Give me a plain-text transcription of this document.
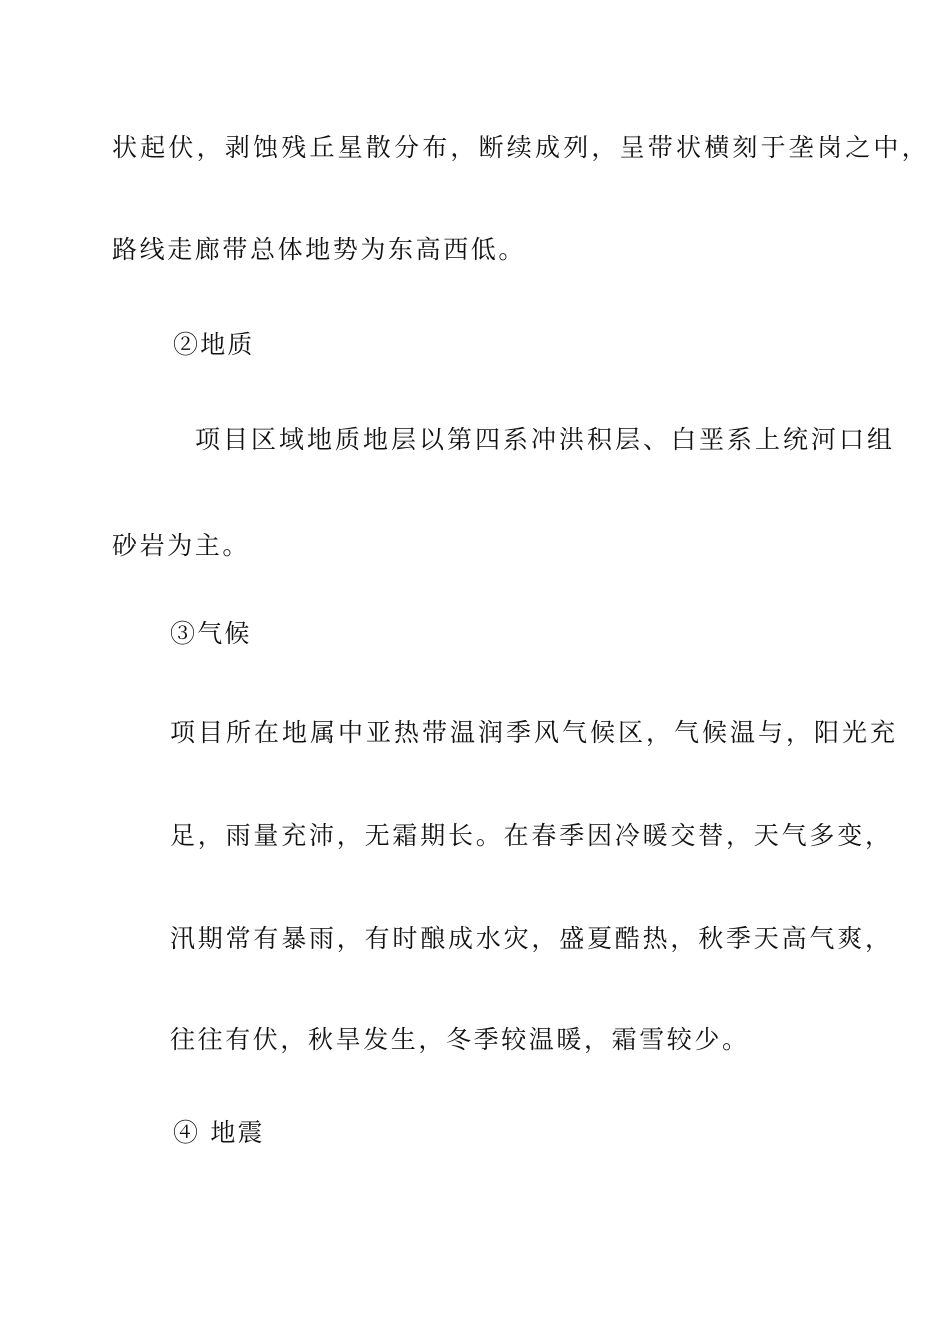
状起伏，剥蚀残丘星散分布，断续成列，呈带状横刻于垄岗之中，
路线走廊带总体地势为东高西低。
②地质
项目区域地质地层以第四系冲洪积层、白垩系上统河口组
砂岩为主。
③气候
项目所在地属中亚热带温润季风气候区，气候温与，阳光充
足，雨量充沛，无霜期长。在春季因冷暖交替，天气多变，
汛期常有暴雨，有时酿成水灾，盛夏酷热，秋季天高气爽，
往往有伏，秋旱发生，冬季较温暖，霜雪较少。
④ 地震
